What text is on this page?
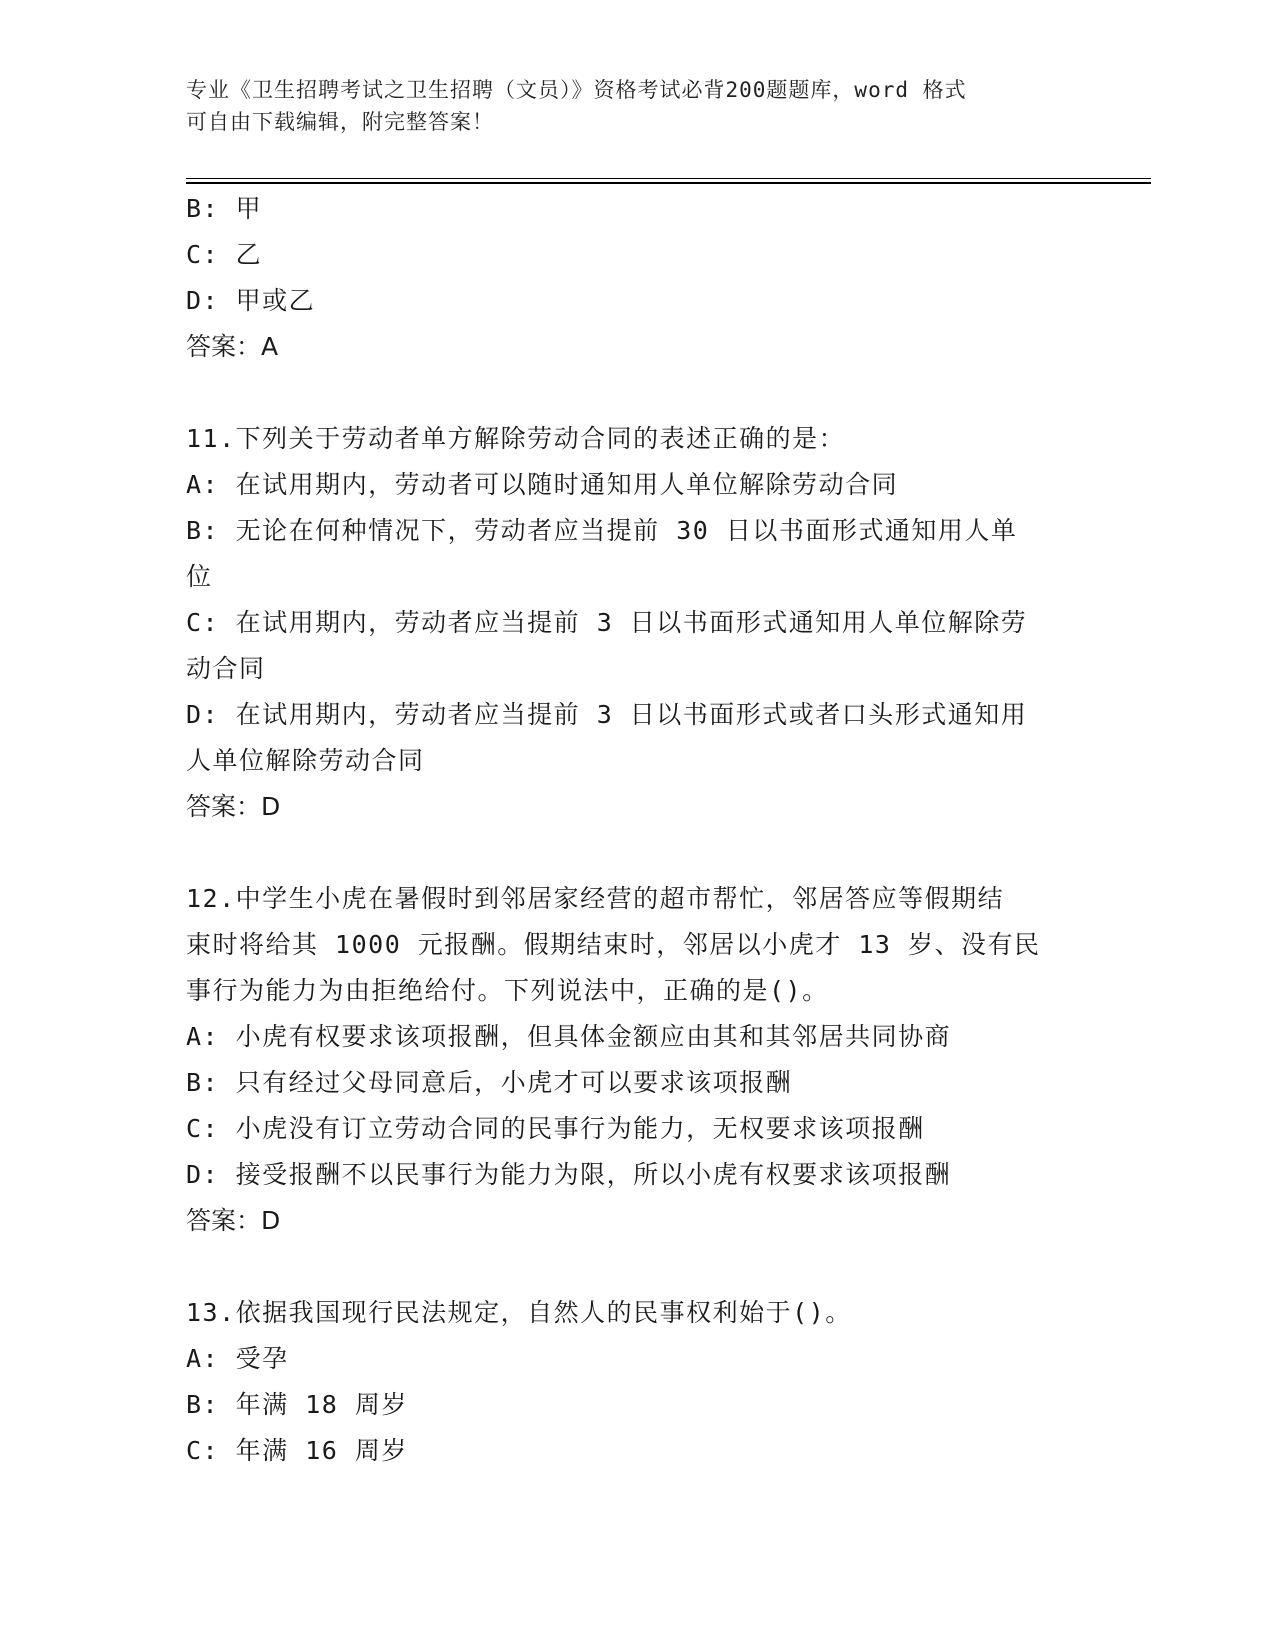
专业《卫生招聘考试之卫生招聘（文员）》资格考试必背200题题库，word 格式
可自由下载编辑，附完整答案！

B: 甲

C: 乙

D: 甲或乙

答案：A

11.下列关于劳动者单方解除劳动合同的表述正确的是：

A: 在试用期内，劳动者可以随时通知用人单位解除劳动合同

B: 无论在何种情况下，劳动者应当提前 30 日以书面形式通知用人单

位

C: 在试用期内，劳动者应当提前 3 日以书面形式通知用人单位解除劳

动合同

D: 在试用期内，劳动者应当提前 3 日以书面形式或者口头形式通知用

人单位解除劳动合同

答案：D

12.中学生小虎在暑假时到邻居家经营的超市帮忙，邻居答应等假期结

束时将给其 1000 元报酬。假期结束时，邻居以小虎才 13 岁、没有民

事行为能力为由拒绝给付。下列说法中，正确的是()。

A: 小虎有权要求该项报酬，但具体金额应由其和其邻居共同协商

B: 只有经过父母同意后，小虎才可以要求该项报酬

C: 小虎没有订立劳动合同的民事行为能力，无权要求该项报酬

D: 接受报酬不以民事行为能力为限，所以小虎有权要求该项报酬

答案：D

13.依据我国现行民法规定，自然人的民事权利始于()。

A: 受孕

B: 年满 18 周岁

C: 年满 16 周岁
